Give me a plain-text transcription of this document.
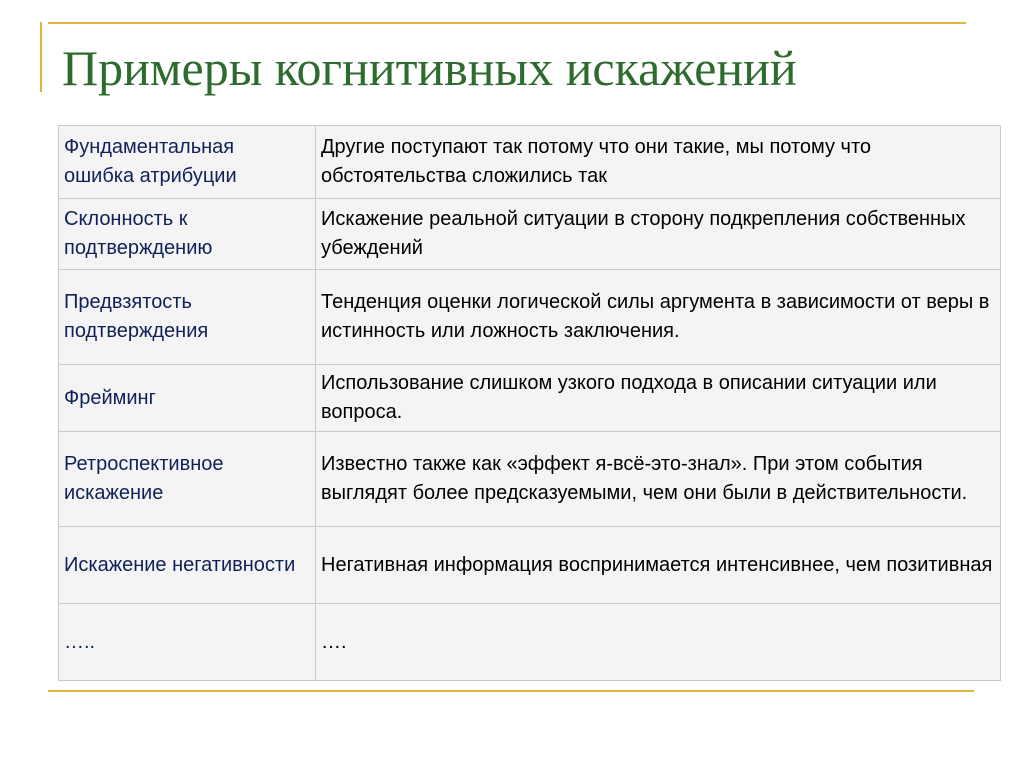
Примеры когнитивных искажений
Фундаментальная ошибка атрибуции	Другие поступают так потому что они такие, мы потому что обстоятельства сложились так
Склонность к подтверждению	Искажение реальной ситуации в сторону подкрепления собственных убеждений
Предвзятость подтверждения	Тенденция оценки логической силы аргумента в зависимости от веры в истинность или ложность заключения.
Фрейминг	Использование слишком узкого подхода в описании ситуации или вопроса.
Ретроспективное искажение	Известно также как «эффект я-всё-это-знал». При этом события выглядят более предсказуемыми, чем они были в действительности.
Искажение негативности	Негативная информация воспринимается интенсивнее, чем позитивная
…..	….
